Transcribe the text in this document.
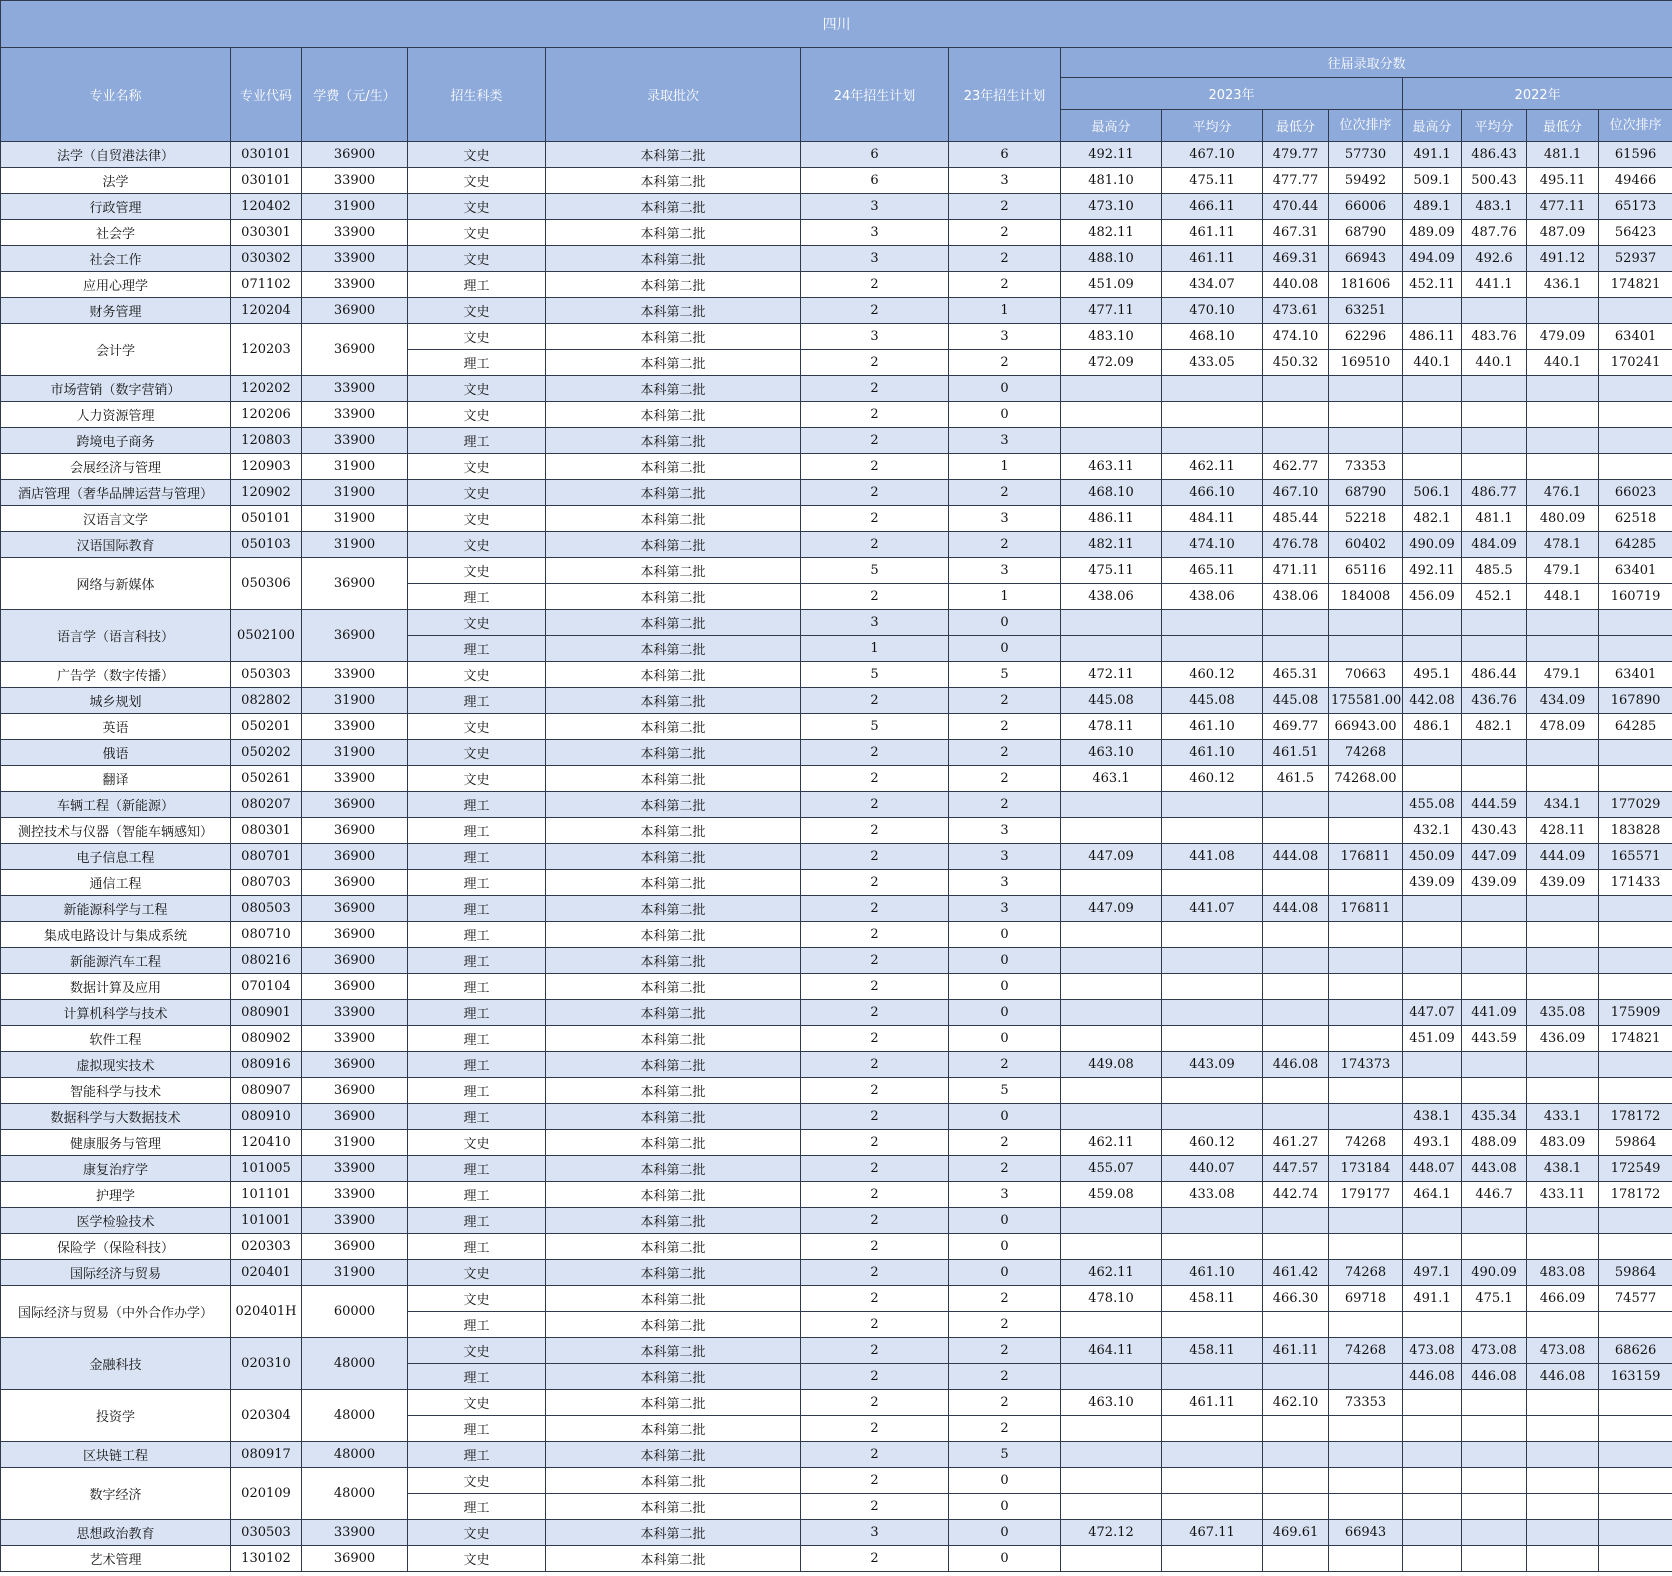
四川														
专业名称	专业代码	学费（元/生）	招生科类	录取批次	24年招生计划	23年招生计划	往届录取分数							
							2023年				2022年			
							最高分	平均分	最低分	位次排序	最高分	平均分	最低分	位次排序
法学（自贸港法律）	030101	36900	文史	本科第二批	6	6	492.11	467.10	479.77	57730	491.1	486.43	481.1	61596
法学	030101	33900	文史	本科第二批	6	3	481.10	475.11	477.77	59492	509.1	500.43	495.11	49466
行政管理	120402	31900	文史	本科第二批	3	2	473.10	466.11	470.44	66006	489.1	483.1	477.11	65173
社会学	030301	33900	文史	本科第二批	3	2	482.11	461.11	467.31	68790	489.09	487.76	487.09	56423
社会工作	030302	33900	文史	本科第二批	3	2	488.10	461.11	469.31	66943	494.09	492.6	491.12	52937
应用心理学	071102	33900	理工	本科第二批	2	2	451.09	434.07	440.08	181606	452.11	441.1	436.1	174821
财务管理	120204	36900	文史	本科第二批	2	1	477.11	470.10	473.61	63251				
会计学	120203	36900	文史	本科第二批	3	3	483.10	468.10	474.10	62296	486.11	483.76	479.09	63401
			理工	本科第二批	2	2	472.09	433.05	450.32	169510	440.1	440.1	440.1	170241
市场营销（数字营销）	120202	33900	文史	本科第二批	2	0								
人力资源管理	120206	33900	文史	本科第二批	2	0								
跨境电子商务	120803	33900	理工	本科第二批	2	3								
会展经济与管理	120903	31900	文史	本科第二批	2	1	463.11	462.11	462.77	73353				
酒店管理（奢华品牌运营与管理）	120902	31900	文史	本科第二批	2	2	468.10	466.10	467.10	68790	506.1	486.77	476.1	66023
汉语言文学	050101	31900	文史	本科第二批	2	3	486.11	484.11	485.44	52218	482.1	481.1	480.09	62518
汉语国际教育	050103	31900	文史	本科第二批	2	2	482.11	474.10	476.78	60402	490.09	484.09	478.1	64285
网络与新媒体	050306	36900	文史	本科第二批	5	3	475.11	465.11	471.11	65116	492.11	485.5	479.1	63401
			理工	本科第二批	2	1	438.06	438.06	438.06	184008	456.09	452.1	448.1	160719
语言学（语言科技）	0502100	36900	文史	本科第二批	3	0								
			理工	本科第二批	1	0								
广告学（数字传播）	050303	33900	文史	本科第二批	5	5	472.11	460.12	465.31	70663	495.1	486.44	479.1	63401
城乡规划	082802	31900	理工	本科第二批	2	2	445.08	445.08	445.08	175581.00	442.08	436.76	434.09	167890
英语	050201	33900	文史	本科第二批	5	2	478.11	461.10	469.77	66943.00	486.1	482.1	478.09	64285
俄语	050202	31900	文史	本科第二批	2	2	463.10	461.10	461.51	74268				
翻译	050261	33900	文史	本科第二批	2	2	463.1	460.12	461.5	74268.00				
车辆工程（新能源）	080207	36900	理工	本科第二批	2	2					455.08	444.59	434.1	177029
测控技术与仪器（智能车辆感知）	080301	36900	理工	本科第二批	2	3					432.1	430.43	428.11	183828
电子信息工程	080701	36900	理工	本科第二批	2	3	447.09	441.08	444.08	176811	450.09	447.09	444.09	165571
通信工程	080703	36900	理工	本科第二批	2	3					439.09	439.09	439.09	171433
新能源科学与工程	080503	36900	理工	本科第二批	2	3	447.09	441.07	444.08	176811				
集成电路设计与集成系统	080710	36900	理工	本科第二批	2	0								
新能源汽车工程	080216	36900	理工	本科第二批	2	0								
数据计算及应用	070104	36900	理工	本科第二批	2	0								
计算机科学与技术	080901	33900	理工	本科第二批	2	0					447.07	441.09	435.08	175909
软件工程	080902	33900	理工	本科第二批	2	0					451.09	443.59	436.09	174821
虚拟现实技术	080916	36900	理工	本科第二批	2	2	449.08	443.09	446.08	174373				
智能科学与技术	080907	36900	理工	本科第二批	2	5								
数据科学与大数据技术	080910	36900	理工	本科第二批	2	0					438.1	435.34	433.1	178172
健康服务与管理	120410	31900	文史	本科第二批	2	2	462.11	460.12	461.27	74268	493.1	488.09	483.09	59864
康复治疗学	101005	33900	理工	本科第二批	2	2	455.07	440.07	447.57	173184	448.07	443.08	438.1	172549
护理学	101101	33900	理工	本科第二批	2	3	459.08	433.08	442.74	179177	464.1	446.7	433.11	178172
医学检验技术	101001	33900	理工	本科第二批	2	0								
保险学（保险科技）	020303	36900	理工	本科第二批	2	0								
国际经济与贸易	020401	31900	文史	本科第二批	2	0	462.11	461.10	461.42	74268	497.1	490.09	483.08	59864
国际经济与贸易（中外合作办学）	020401H	60000	文史	本科第二批	2	2	478.10	458.11	466.30	69718	491.1	475.1	466.09	74577
			理工	本科第二批	2	2								
金融科技	020310	48000	文史	本科第二批	2	2	464.11	458.11	461.11	74268	473.08	473.08	473.08	68626
			理工	本科第二批	2	2					446.08	446.08	446.08	163159
投资学	020304	48000	文史	本科第二批	2	2	463.10	461.11	462.10	73353				
			理工	本科第二批	2	2								
区块链工程	080917	48000	理工	本科第二批	2	5								
数字经济	020109	48000	文史	本科第二批	2	0								
			理工	本科第二批	2	0								
思想政治教育	030503	33900	文史	本科第二批	3	0	472.12	467.11	469.61	66943				
艺术管理	130102	36900	文史	本科第二批	2	0								
